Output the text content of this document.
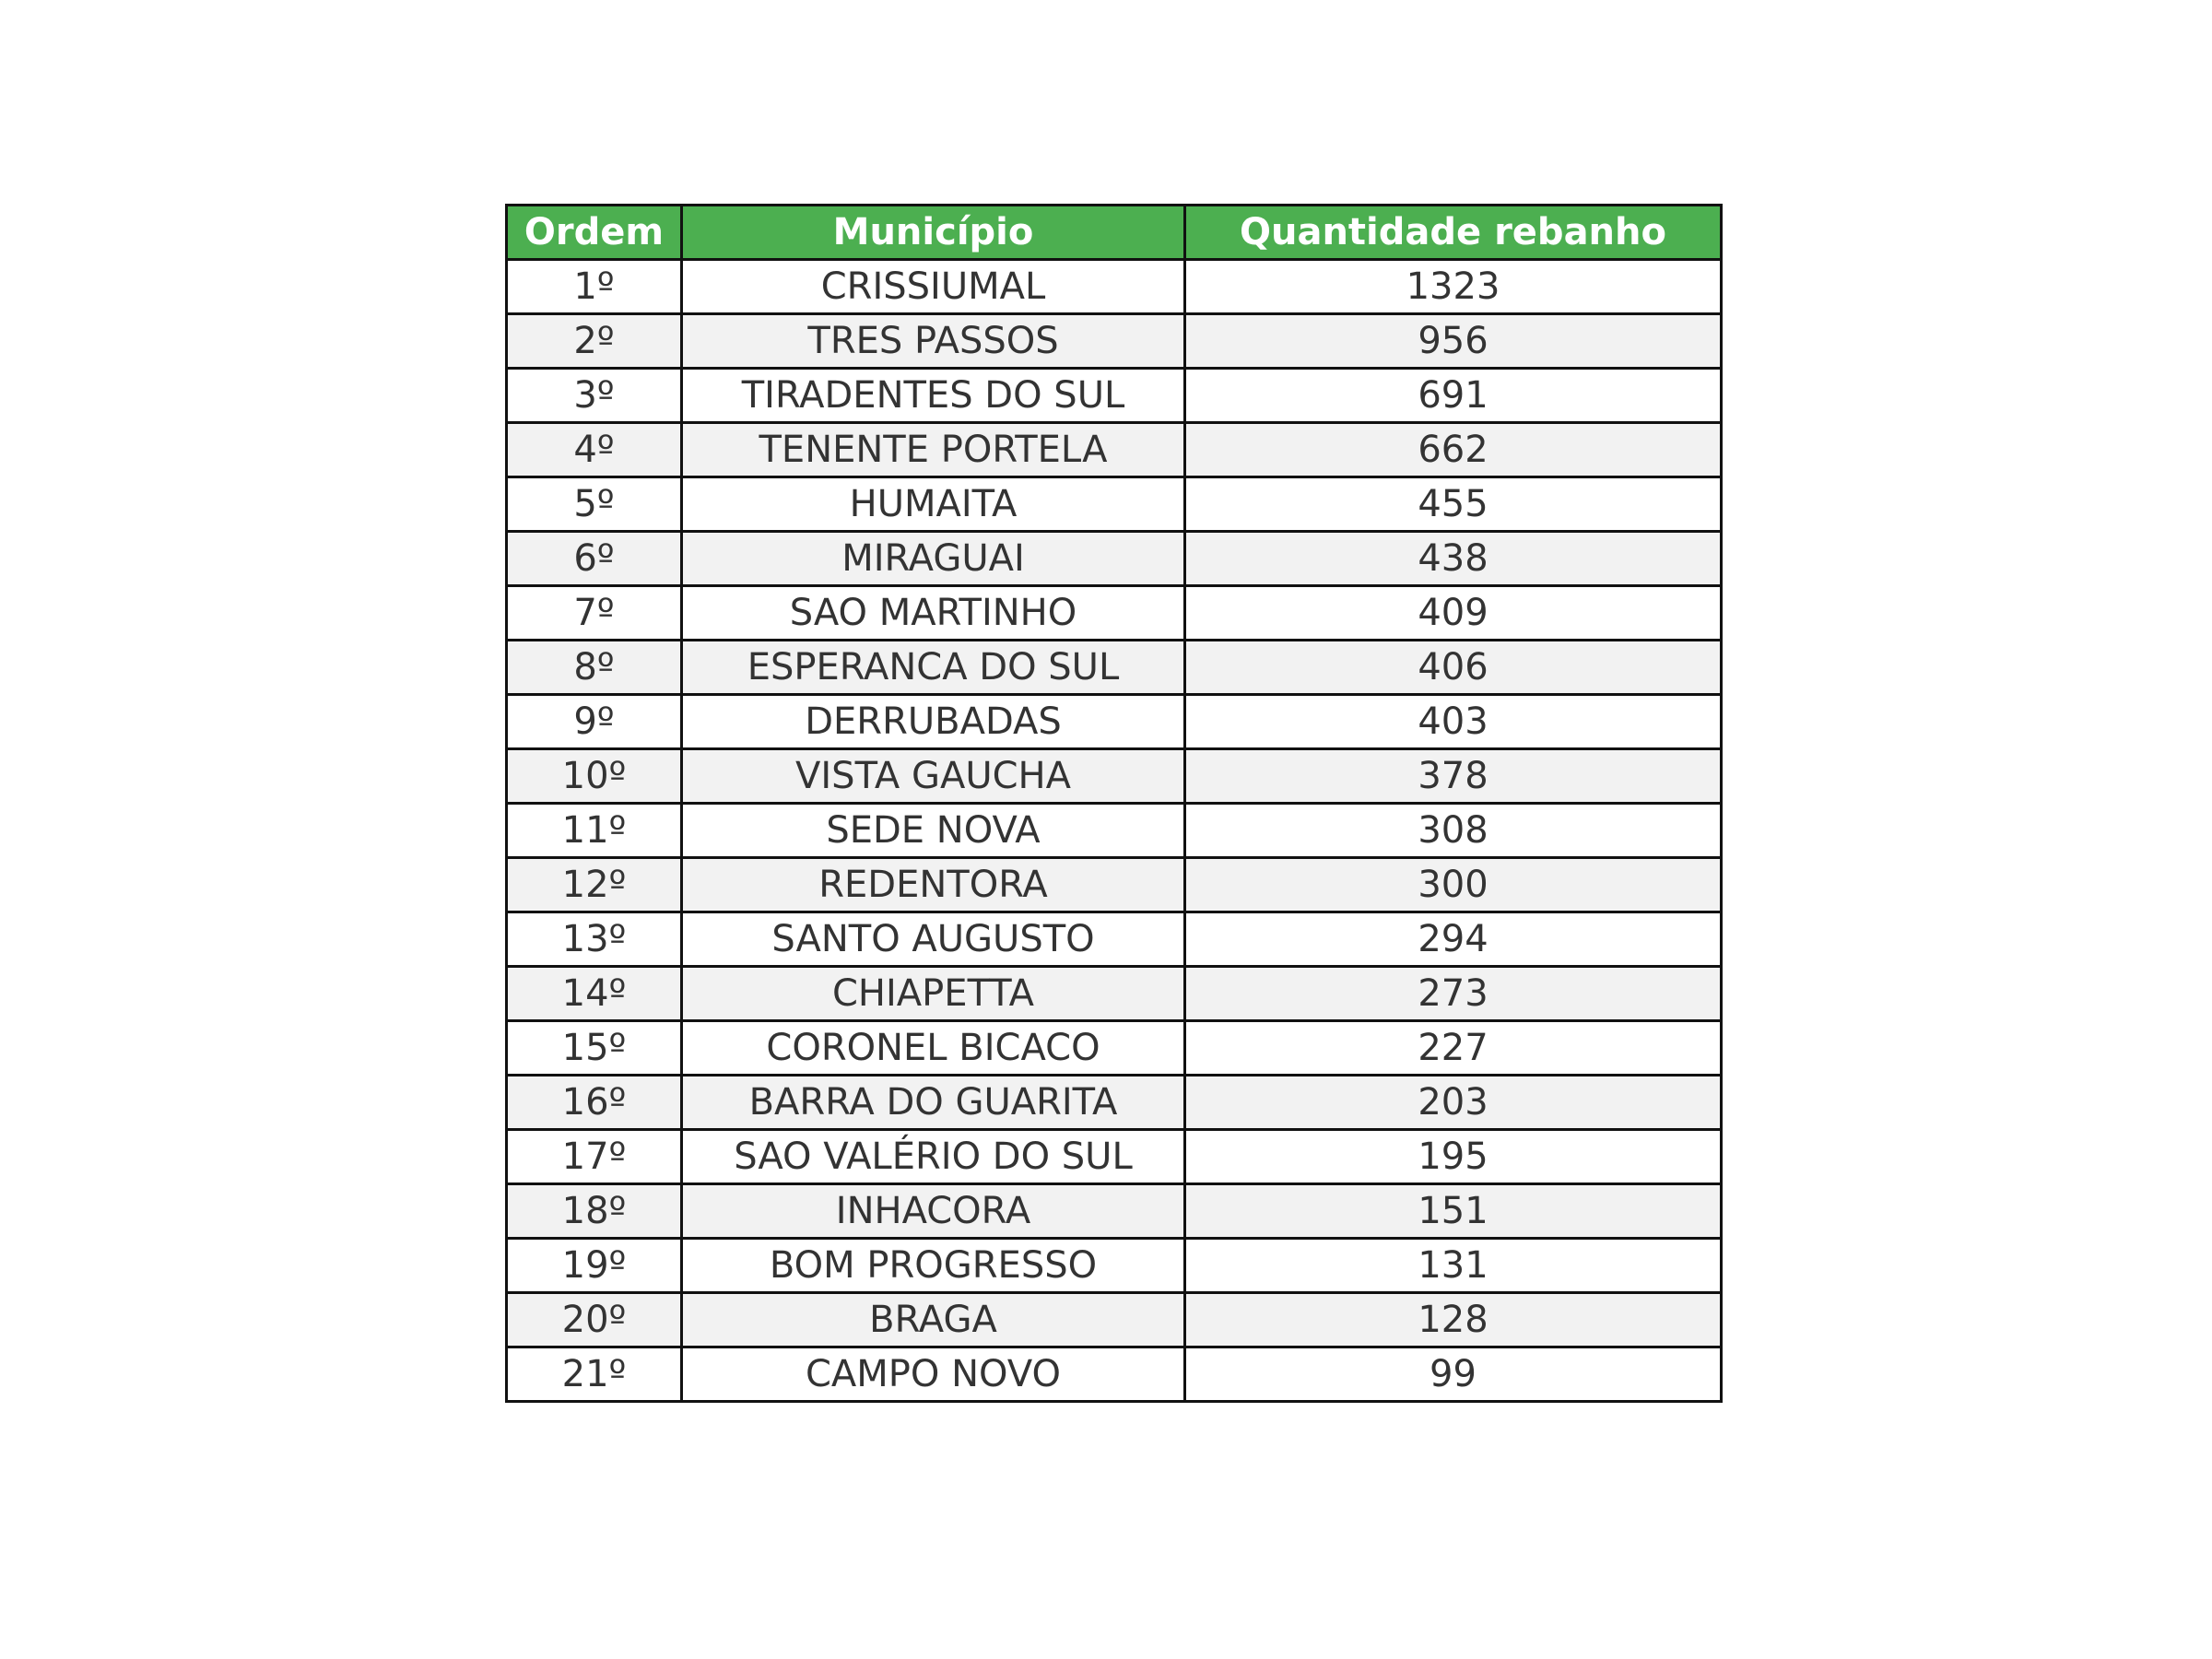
Ordem	Município	Quantidade rebanho
1º	CRISSIUMAL	1323
2º	TRES PASSOS	956
3º	TIRADENTES DO SUL	691
4º	TENENTE PORTELA	662
5º	HUMAITA	455
6º	MIRAGUAI	438
7º	SAO MARTINHO	409
8º	ESPERANCA DO SUL	406
9º	DERRUBADAS	403
10º	VISTA GAUCHA	378
11º	SEDE NOVA	308
12º	REDENTORA	300
13º	SANTO AUGUSTO	294
14º	CHIAPETTA	273
15º	CORONEL BICACO	227
16º	BARRA DO GUARITA	203
17º	SAO VALÉRIO DO SUL	195
18º	INHACORA	151
19º	BOM PROGRESSO	131
20º	BRAGA	128
21º	CAMPO NOVO	99
